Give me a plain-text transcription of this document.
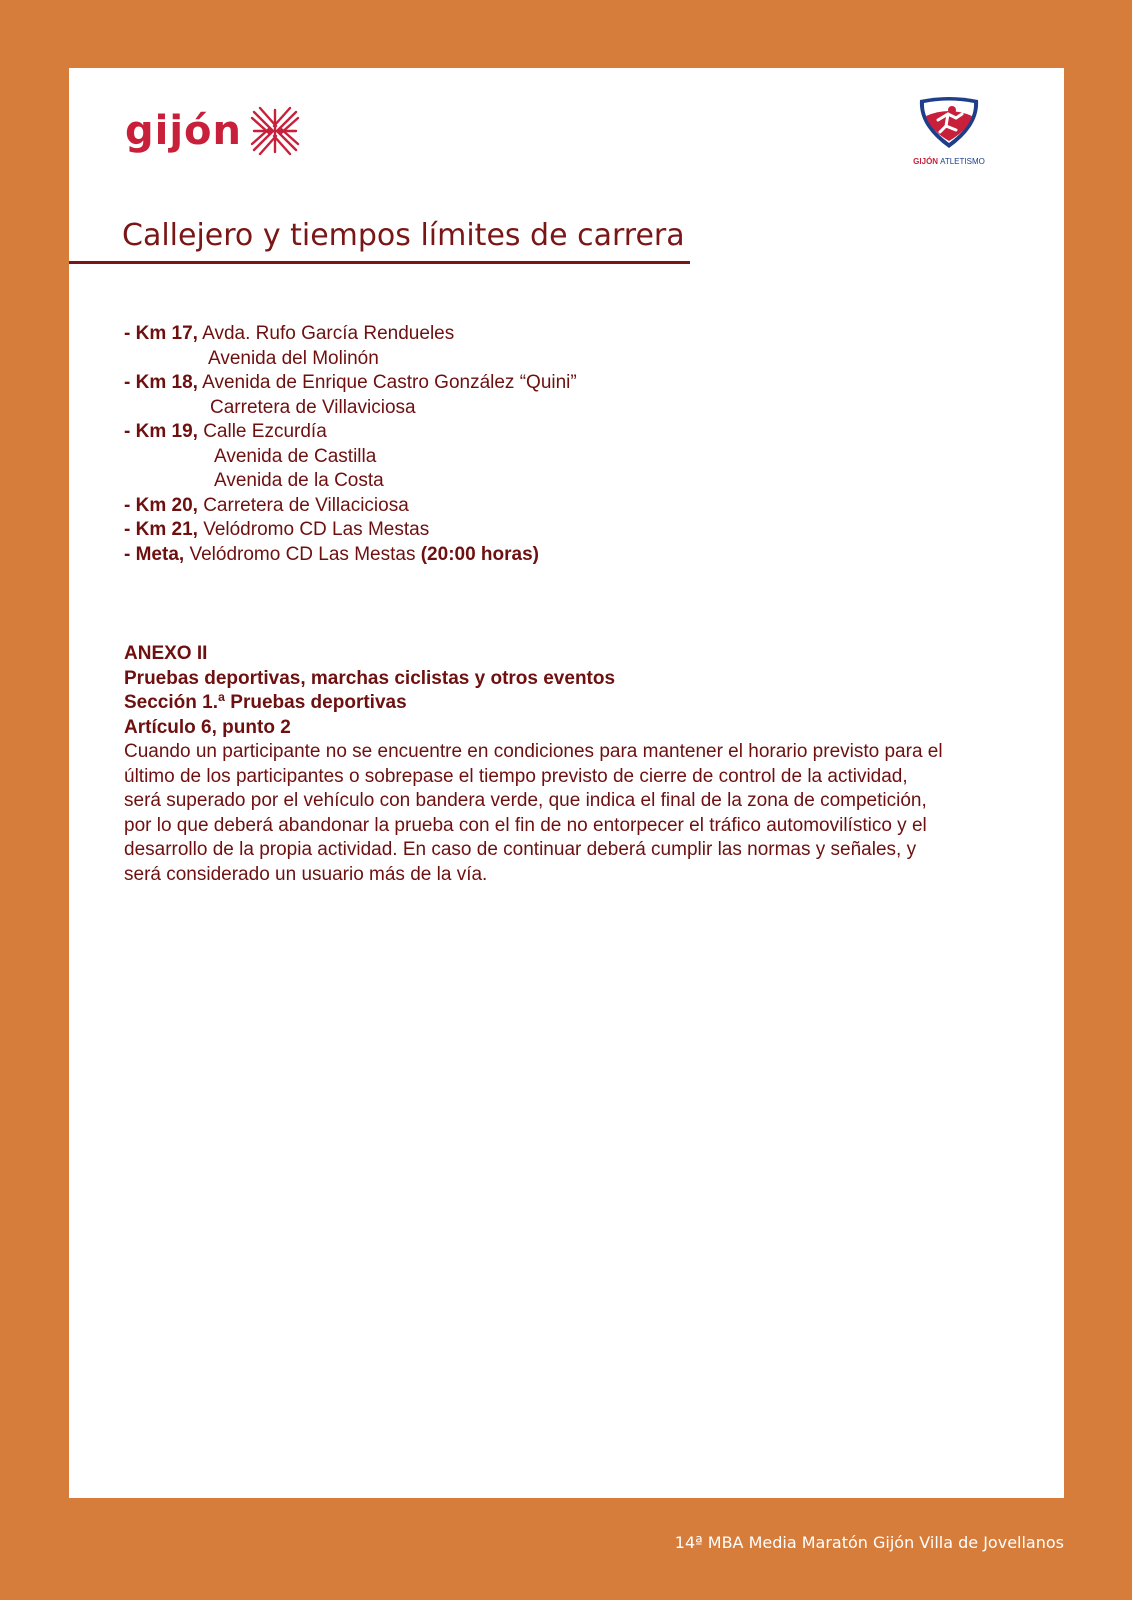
gijón
GIJÓN ATLETISMO
Callejero y tiempos límites de carrera
- Km 17, Avda. Rufo García Rendueles
Avenida del Molinón
- Km 18, Avenida de Enrique Castro González “Quini”
Carretera de Villaviciosa
- Km 19, Calle Ezcurdía
Avenida de Castilla
Avenida de la Costa
- Km 20, Carretera de Villaciciosa
- Km 21, Velódromo CD Las Mestas
- Meta, Velódromo CD Las Mestas (20:00 horas)
ANEXO II
Pruebas deportivas, marchas ciclistas y otros eventos
Sección 1.ª Pruebas deportivas
Artículo 6, punto 2

Cuando un participante no se encuentre en condiciones para mantener el horario previsto para el último de los participantes o sobrepase el tiempo previsto de cierre de control de la actividad, será superado por el vehículo con bandera verde, que indica el final de la zona de competición, por lo que deberá abandonar la prueba con el fin de no entorpecer el tráfico automovilístico y el desarrollo de la propia actividad. En caso de continuar deberá cumplir las normas y señales, y será considerado un usuario más de la vía.

14ª MBA Media Maratón Gijón Villa de Jovellanos
